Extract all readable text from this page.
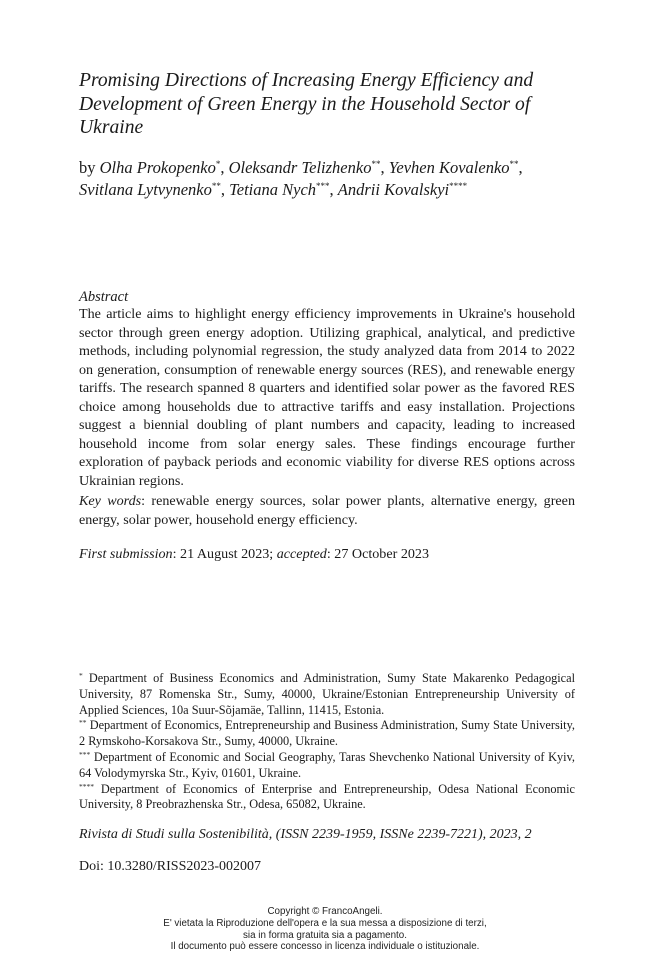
Promising Directions of Increasing Energy Efficiency and Development of Green Energy in the Household Sector of Ukraine
by Olha Prokopenko*, Oleksandr Telizhenko**, Yevhen Kovalenko**,
Svitlana Lytvynenko**, Tetiana Nych***, Andrii Kovalskyi****
Abstract

The article aims to highlight energy efficiency improvements in Ukraine's household sector through green energy adoption. Utilizing graphical, analytical, and predictive methods, including polynomial regression, the study analyzed data from 2014 to 2022 on generation, consumption of renewable energy sources (RES), and renewable energy tariffs. The research spanned 8 quarters and identified solar power as the favored RES choice among households due to attractive tariffs and easy installation. Projections suggest a biennial doubling of plant numbers and capacity, leading to increased household income from solar energy sales. These findings encourage further exploration of payback periods and economic viability for diverse RES options across Ukrainian regions.

Key words: renewable energy sources, solar power plants, alternative energy, green energy, solar power, household energy efficiency.

First submission: 21 August 2023; accepted: 27 October 2023

* Department of Business Economics and Administration, Sumy State Makarenko Pedagogical University, 87 Romenska Str., Sumy, 40000, Ukraine/Estonian Entrepreneurship University of Applied Sciences, 10a Suur-Sõjamäe, Tallinn, 11415, Estonia.

** Department of Economics, Entrepreneurship and Business Administration, Sumy State University, 2 Rymskoho-Korsakova Str., Sumy, 40000, Ukraine.

*** Department of Economic and Social Geography, Taras Shevchenko National University of Kyiv, 64 Volodymyrska Str., Kyiv, 01601, Ukraine.

**** Department of Economics of Enterprise and Entrepreneurship, Odesa National Economic University, 8 Preobrazhenska Str., Odesa, 65082, Ukraine.

Rivista di Studi sulla Sostenibilità, (ISSN 2239-1959, ISSNe 2239-7221), 2023, 2
Doi: 10.3280/RISS2023-002007
Copyright © FrancoAngeli.
E' vietata la Riproduzione dell'opera e la sua messa a disposizione di terzi,
sia in forma gratuita sia a pagamento.
Il documento può essere concesso in licenza individuale o istituzionale.
